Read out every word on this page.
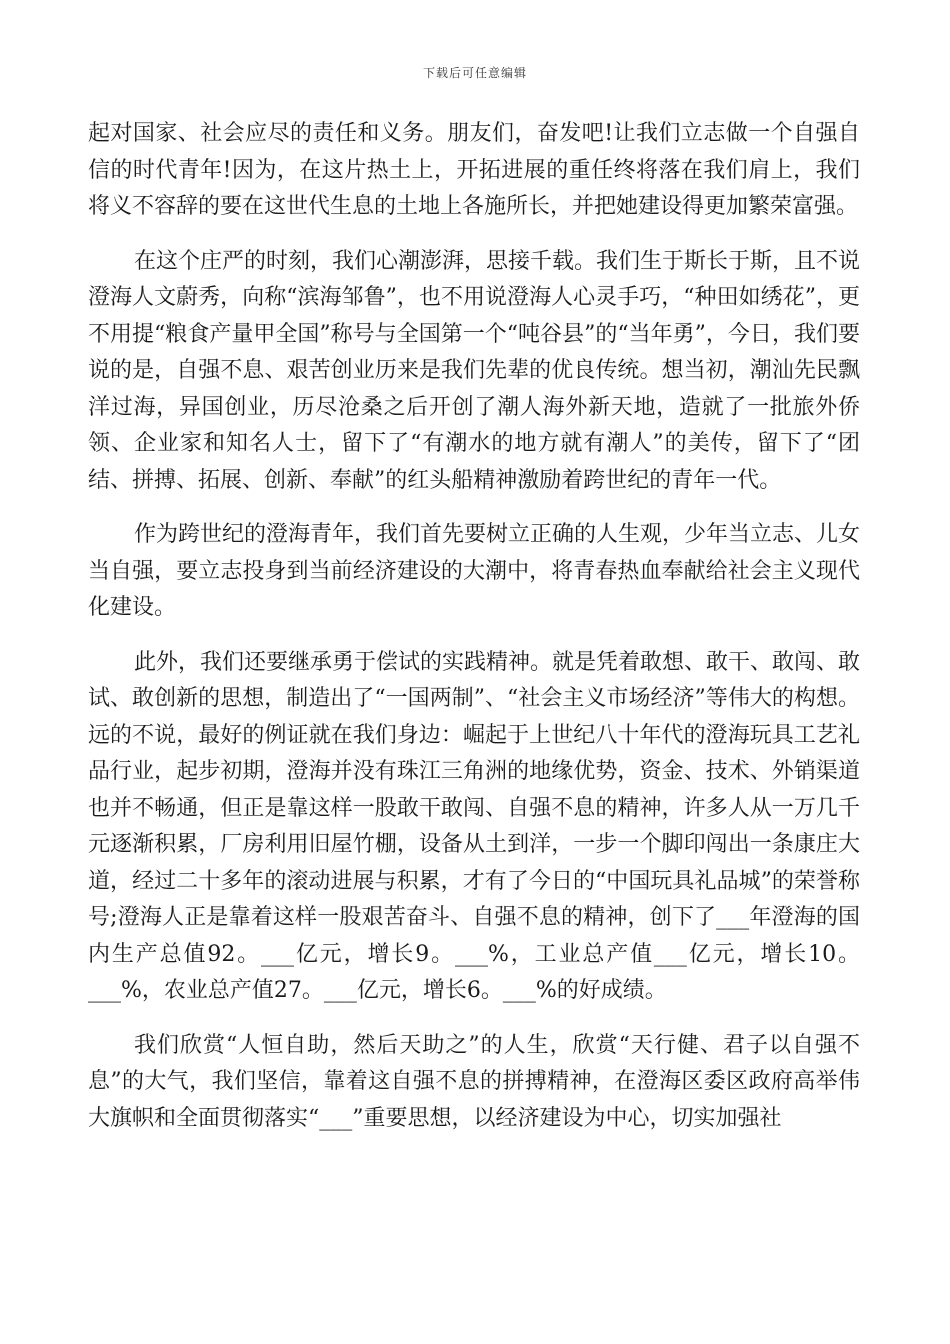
下载后可任意编辑

起对国家、社会应尽的责任和义务。朋友们，奋发吧!让我们立志做一个自强自信的时代青年!因为，在这片热土上，开拓进展的重任终将落在我们肩上，我们将义不容辞的要在这世代生息的土地上各施所长，并把她建设得更加繁荣富强。

在这个庄严的时刻，我们心潮澎湃，思接千载。我们生于斯长于斯，且不说澄海人文蔚秀，向称“滨海邹鲁”，也不用说澄海人心灵手巧，“种田如绣花”，更不用提“粮食产量甲全国”称号与全国第一个“吨谷县”的“当年勇”，今日，我们要说的是，自强不息、艰苦创业历来是我们先辈的优良传统。想当初，潮汕先民飘洋过海，异国创业，历尽沧桑之后开创了潮人海外新天地，造就了一批旅外侨领、企业家和知名人士，留下了“有潮水的地方就有潮人”的美传，留下了“团结、拼搏、拓展、创新、奉献”的红头船精神激励着跨世纪的青年一代。

作为跨世纪的澄海青年，我们首先要树立正确的人生观，少年当立志、儿女当自强，要立志投身到当前经济建设的大潮中，将青春热血奉献给社会主义现代化建设。

此外，我们还要继承勇于偿试的实践精神。就是凭着敢想、敢干、敢闯、敢试、敢创新的思想，制造出了“一国两制”、“社会主义市场经济”等伟大的构想。远的不说，最好的例证就在我们身边：崛起于上世纪八十年代的澄海玩具工艺礼品行业，起步初期，澄海并没有珠江三角洲的地缘优势，资金、技术、外销渠道也并不畅通，但正是靠这样一股敢干敢闯、自强不息的精神，许多人从一万几千元逐渐积累，厂房利用旧屋竹棚，设备从土到洋，一步一个脚印闯出一条康庄大道，经过二十多年的滚动进展与积累，才有了今日的“中国玩具礼品城”的荣誉称号;澄海人正是靠着这样一股艰苦奋斗、自强不息的精神，创下了___年澄海的国内生产总值92。___亿元，增长9。___%，工业总产值___亿元，增长10。___%，农业总产值27。___亿元，增长6。___%的好成绩。

我们欣赏“人恒自助，然后天助之”的人生，欣赏“天行健、君子以自强不息”的大气，我们坚信，靠着这自强不息的拼搏精神，在澄海区委区政府高举伟大旗帜和全面贯彻落实“___”重要思想，以经济建设为中心，切实加强社
